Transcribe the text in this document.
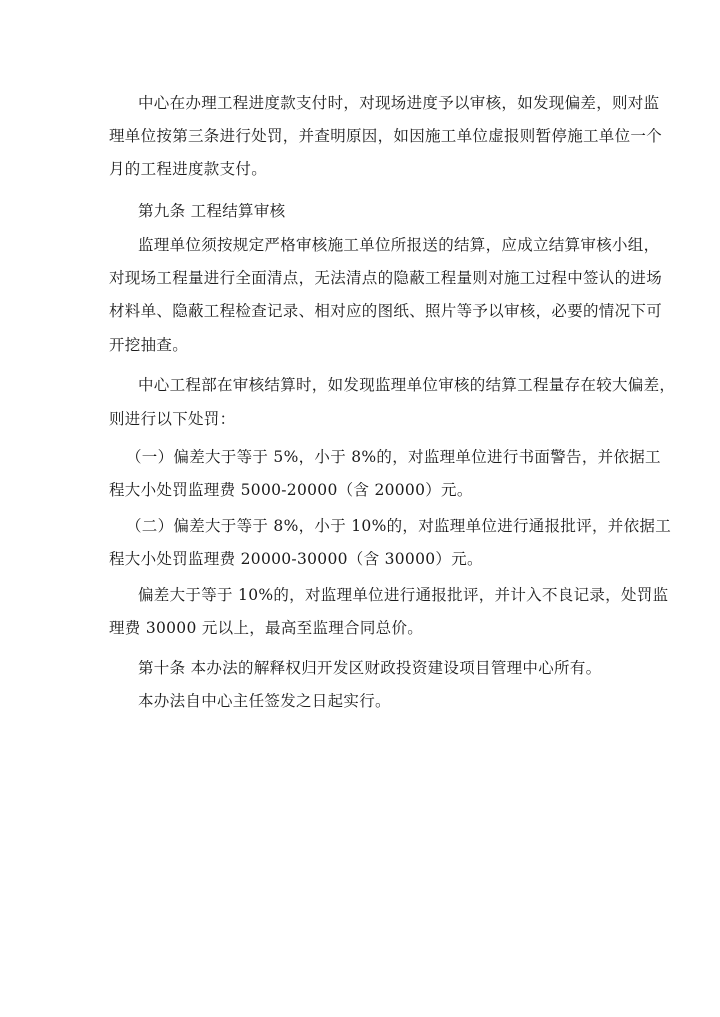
中心在办理工程进度款支付时，对现场进度予以审核，如发现偏差，则对监
理单位按第三条进行处罚，并查明原因，如因施工单位虚报则暂停施工单位一个
月的工程进度款支付。
第九条 工程结算审核
监理单位须按规定严格审核施工单位所报送的结算，应成立结算审核小组，
对现场工程量进行全面清点，无法清点的隐蔽工程量则对施工过程中签认的进场
材料单、隐蔽工程检查记录、相对应的图纸、照片等予以审核，必要的情况下可
开挖抽查。
中心工程部在审核结算时，如发现监理单位审核的结算工程量存在较大偏差，
则进行以下处罚：
（一）偏差大于等于 5%，小于 8%的，对监理单位进行书面警告，并依据工
程大小处罚监理费 5000-20000（含 20000）元。
（二）偏差大于等于 8%，小于 10%的，对监理单位进行通报批评，并依据工
程大小处罚监理费 20000-30000（含 30000）元。
偏差大于等于 10%的，对监理单位进行通报批评，并计入不良记录，处罚监
理费 30000 元以上，最高至监理合同总价。
第十条 本办法的解释权归开发区财政投资建设项目管理中心所有。
本办法自中心主任签发之日起实行。
